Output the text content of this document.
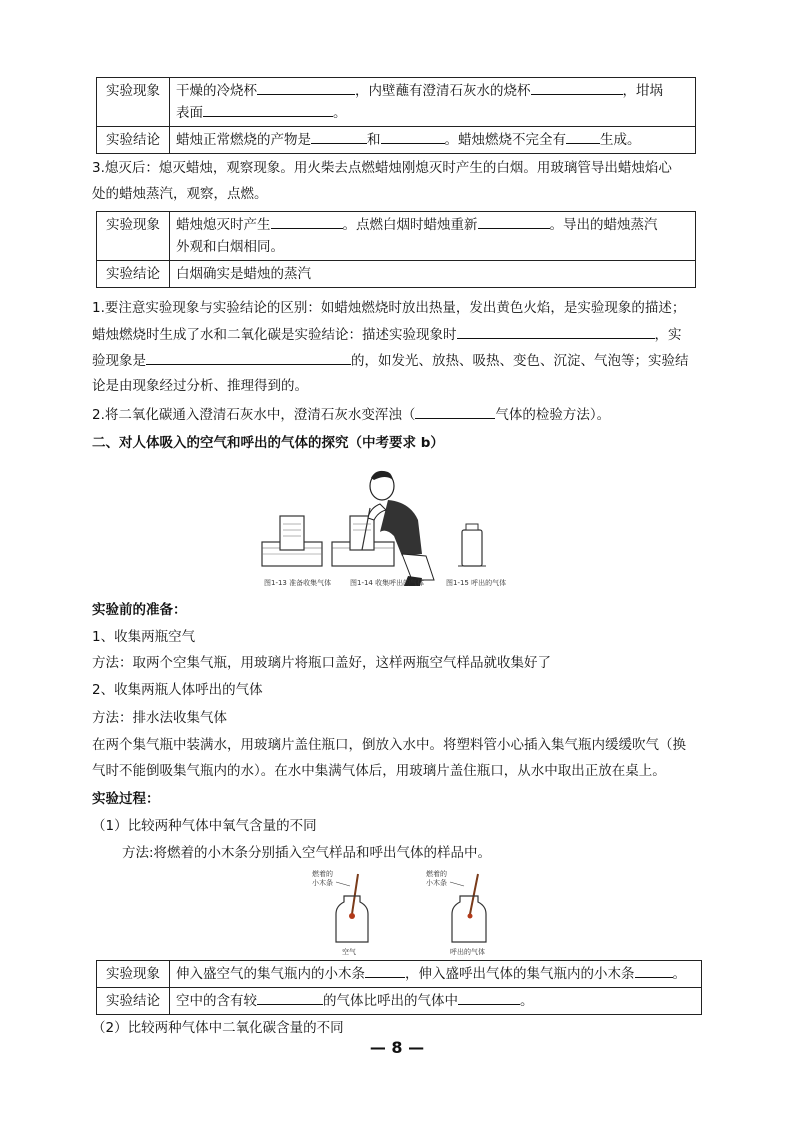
实验现象	干燥的冷烧杯 ，内壁蘸有澄清石灰水的烧杯 ，坩埚
表面 。
实验结论	蜡烛正常燃烧的产物是 和 。蜡烛燃烧不完全有 生成。
3.熄灭后：熄灭蜡烛，观察现象。用火柴去点燃蜡烛刚熄灭时产生的白烟。用玻璃管导出蜡烛焰心
处的蜡烛蒸汽，观察，点燃。
实验现象	蜡烛熄灭时产生 。点燃白烟时蜡烛重新 。导出的蜡烛蒸汽
外观和白烟相同。
实验结论	白烟确实是蜡烛的蒸汽
1.要注意实验现象与实验结论的区别：如蜡烛燃烧时放出热量，发出黄色火焰，是实验现象的描述；
蜡烛燃烧时生成了水和二氧化碳是实验结论：描述实验现象时	，实
验现象是	的，如发光、放热、吸热、变色、沉淀、气泡等；实验结
论是由现象经过分析、推理得到的。
2.将二氧化碳通入澄清石灰水中，澄清石灰水变浑浊（	气体的检验方法）。
二、对人体吸入的空气和呼出的气体的探究（中考要求 b）
图1-13 准备收集气体	图1-14 收集呼出的气体	图1-15 呼出的气体
实验前的准备：
1、收集两瓶空气
方法：取两个空集气瓶，用玻璃片将瓶口盖好，这样两瓶空气样品就收集好了
2、收集两瓶人体呼出的气体
方法：排水法收集气体
在两个集气瓶中装满水，用玻璃片盖住瓶口，倒放入水中。将塑料管小心插入集气瓶内缓缓吹气（换
气时不能倒吸集气瓶内的水）。在水中集满气体后，用玻璃片盖住瓶口，从水中取出正放在桌上。
实验过程：
（1）比较两种气体中氧气含量的不同
方法:将燃着的小木条分别插入空气样品和呼出气体的样品中。
燃着的
小木条
空气
燃着的
小木条
呼出的气体
实验现象	伸入盛空气的集气瓶内的小木条 ，伸入盛呼出气体的集气瓶内的小木条 。
实验结论	空中的含有较 的气体比呼出的气体中 。
（2）比较两种气体中二氧化碳含量的不同
— 8 —
